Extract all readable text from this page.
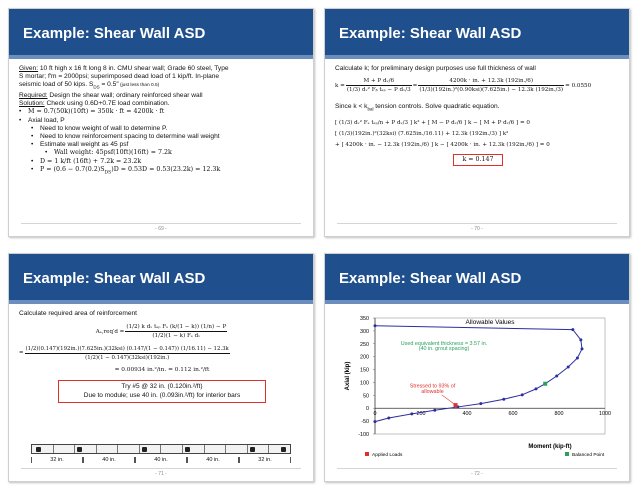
Example: Shear Wall ASD
Given: 10 ft high x 16 ft long 8 in. CMU shear wall; Grade 60 steel, Type
S mortar; f′m = 2000psi; superimposed dead load of 1 kip/ft. In-plane
seismic load of 50 kips. $S_{DS} = 0.5''$ (just less than 0.5)
Required: Design the shear wall; ordinary reinforced shear wall
Solution: Check using 0.6D+0.7E load combination.
•	M = 0.7(50k)(10ft) = 350k · ft = 4200k · ft
•	Axial load, P
•	Need to know weight of wall to determine P.
•	Need to know reinforcement spacing to determine wall weight
•	Estimate wall weight as 45 psf
•	Wall weight: 45psf(10ft)(16ft) = 7.2k
•	D = 1 k/ft (16ft) + 7.2k = 23.2k
•	$P = (0.6 - 0.7(0.2)S_{DS})D = 0.53D = 0.53(23.2k) = 12.3k$
- 69 -
Example: Shear Wall ASD
Calculate k; for preliminary design purposes use full thickness of wall
$k = \frac{\text{M + P dᵥ/6}}{\text{(1/3) dᵥ² Fᵦ tₛₚ − P dᵥ/3}} = \frac{4200k \cdot in. + 12.3k (192in./6)}{\text{(1/3)(192in.)²(0.90ksi)(7.625in.) − 12.3k (192in./3)}} = 0.0550$
Since $k < k_{bal}$ tension controls. Solve quadratic equation.
[ (1/3) dᵥ² Fₛ tₛₚ/n + P dᵥ/3 ] k² + [ M − P dᵥ/6 ] k − [ M + P dᵥ/6 ] = 0
[ (1/3)(192in.)²(32ksi) (7.625in./16.11) + 12.3k (192in./3) ] k²
+ [ 4200k · in. − 12.3k (192in./6) ] k − [ 4200k · in. + 12.3k (192in./6) ] = 0
k = 0.147
- 70 -
Example: Shear Wall ASD
Calculate required area of reinforcement
$A_s,req'd = \frac{\text{(1/2) k dᵥ tₛₚ Fₛ (k/(1 − k)) (1/n) − P}}{\text{(1/2)(1 − k) Fₛ dᵥ}}$
=
(1/2)(0.147)(192in.)(7.625in.)(32ksi) (0.147/(1 − 0.147)) (1/16.11) − 12.3k
(1/2)(1 − 0.147)(32ksi)(192in.)
= 0.00934 in.²/in. = 0.112 in.²/ft
Try #5 @ 32 in. (0.120in.²/ft)
Due to module; use 40 in. (0.093in.²/ft) for interior bars
32 in.	40 in.	40 in.	40 in.	32 in.
- 71 -
Example: Shear Wall ASD
Allowable Values
350
300
250
200
150
100
50
0
-50
-100
0	200	400	600	800	1000
Axial (kip)
Moment (kip-ft)
Used equivalent thickness = 3.57 in.
(40 in. grout spacing)
Stressed to 93% of
allowable
Applied Loads	Balanced Point
- 72 -
